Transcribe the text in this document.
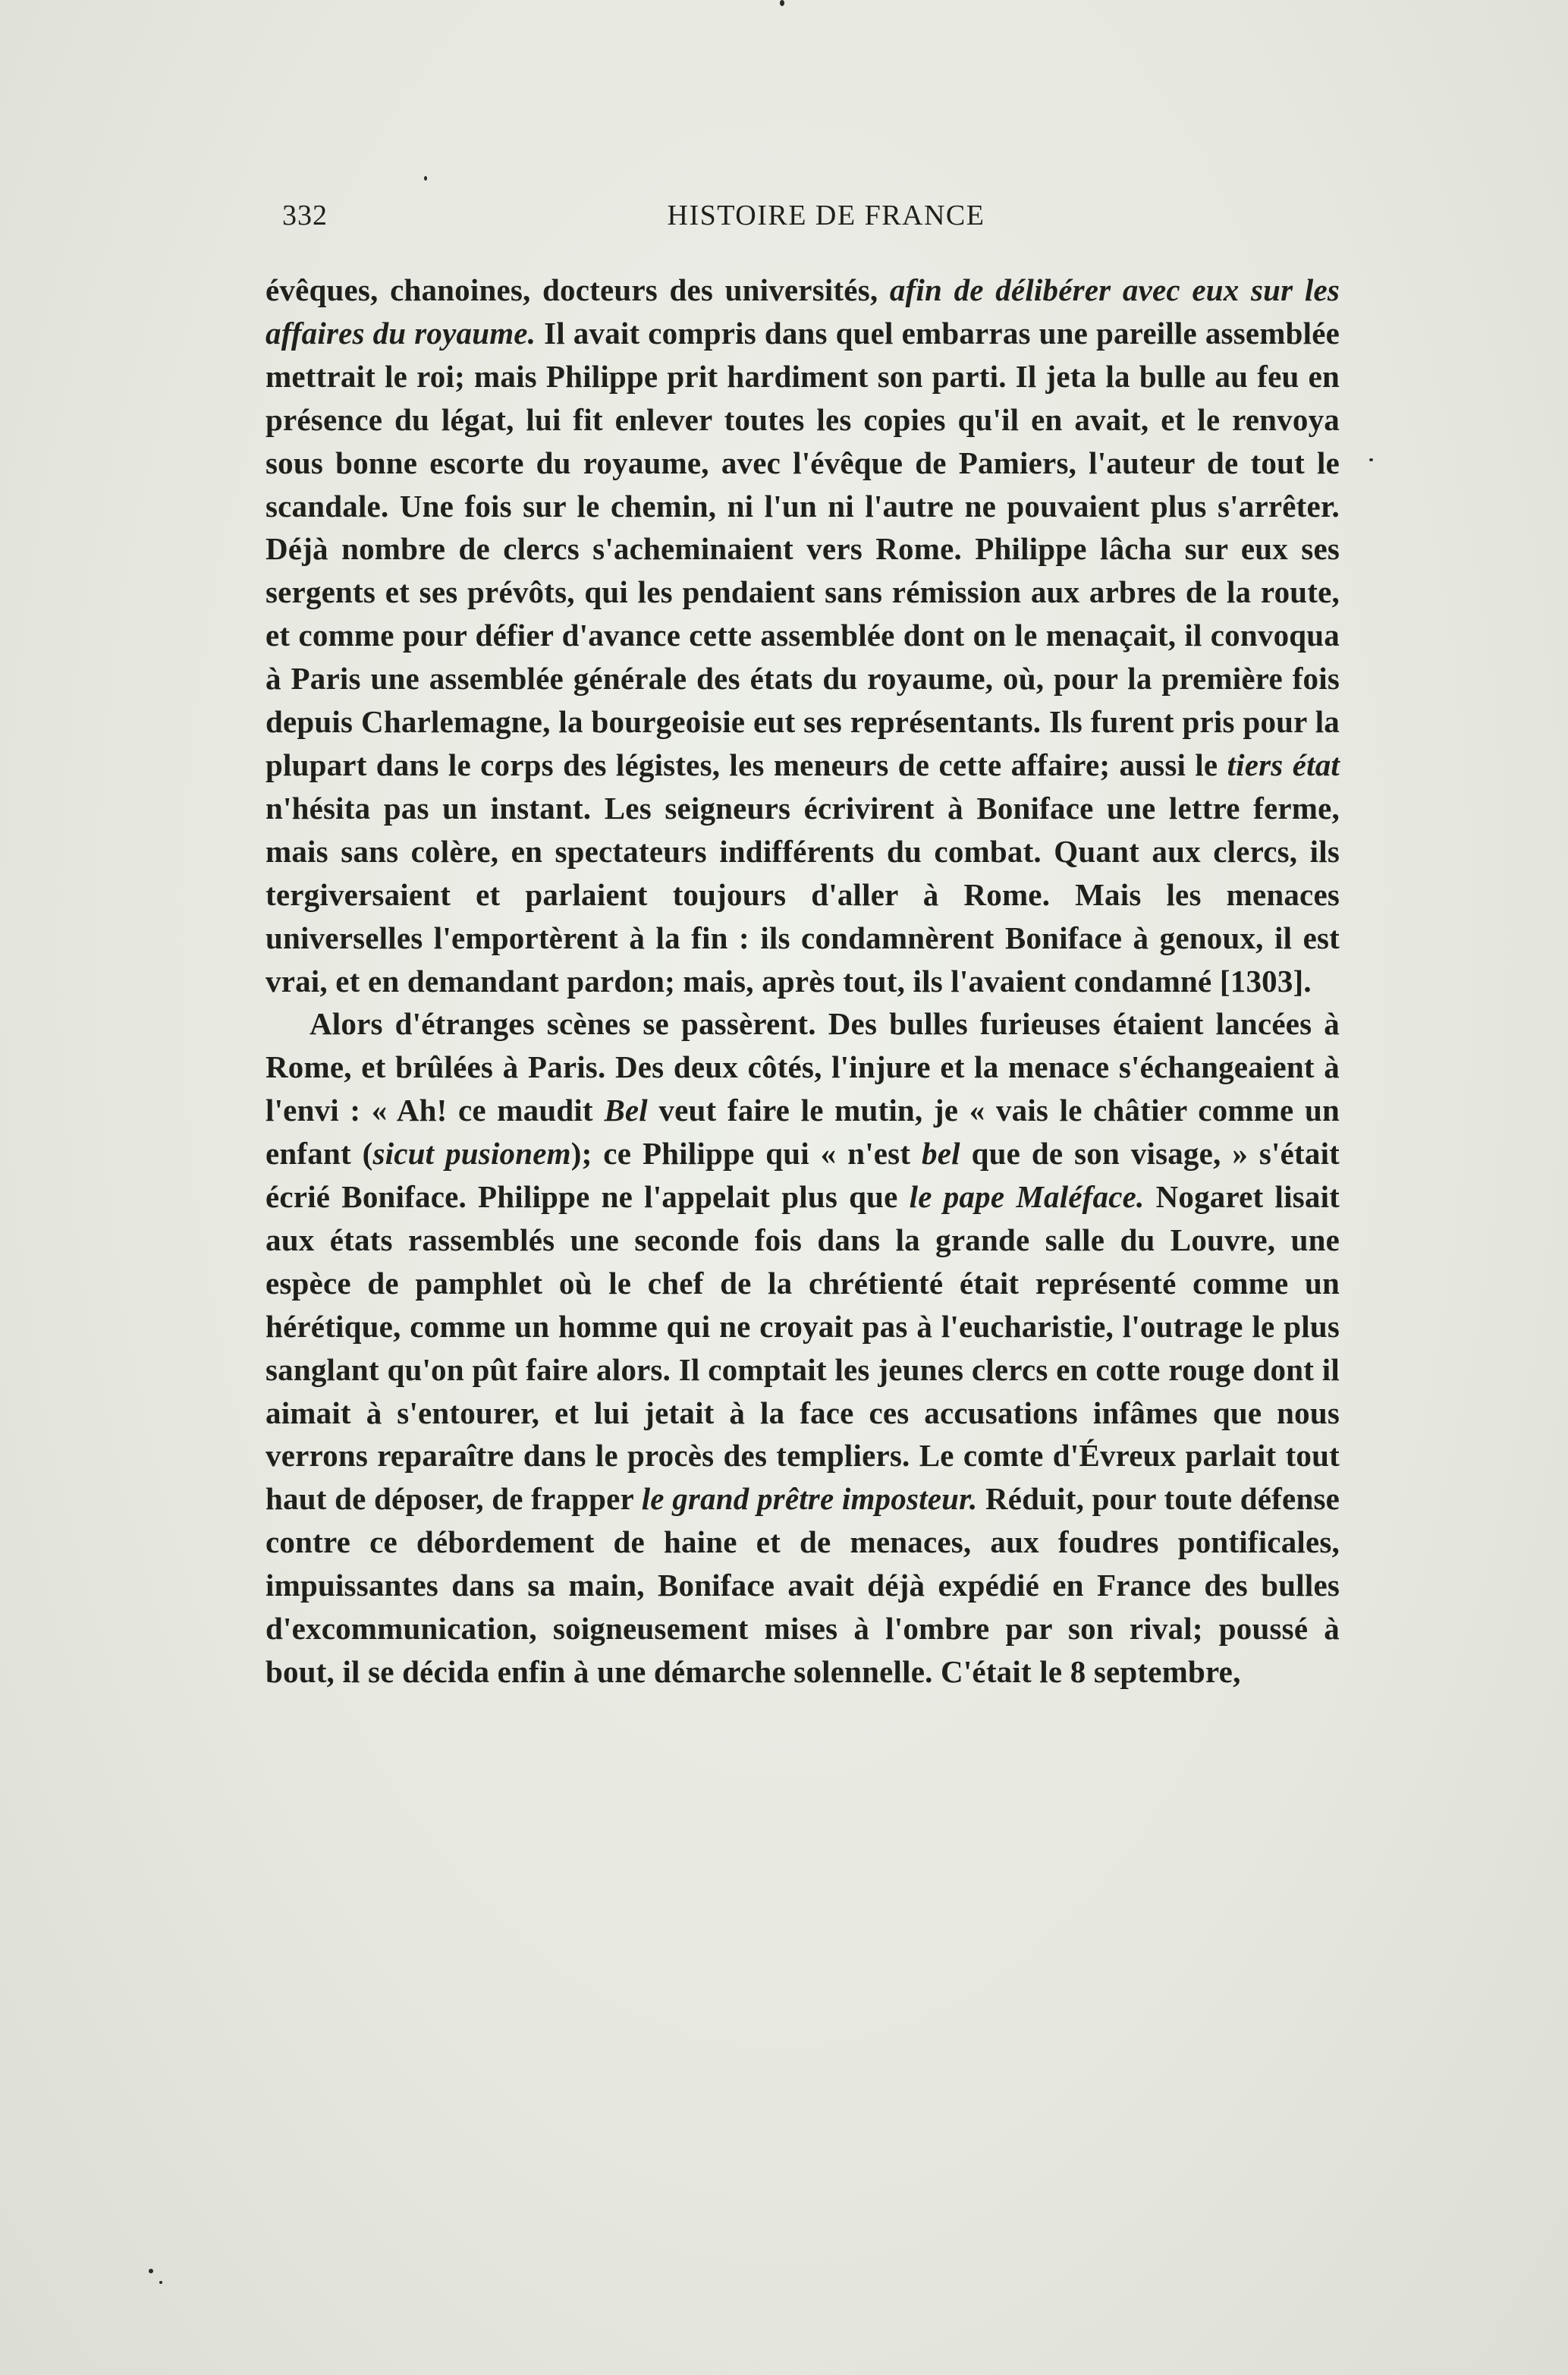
332	HISTOIRE DE FRANCE

évêques, chanoines, docteurs des universités, afin de délibérer avec eux sur les affaires du royaume. Il avait compris dans quel embarras une pareille assemblée mettrait le roi; mais Philippe prit hardiment son parti. Il jeta la bulle au feu en présence du légat, lui fit enlever toutes les copies qu'il en avait, et le renvoya sous bonne escorte du royaume, avec l'évêque de Pamiers, l'auteur de tout le scandale. Une fois sur le chemin, ni l'un ni l'autre ne pouvaient plus s'arrêter. Déjà nombre de clercs s'acheminaient vers Rome. Philippe lâcha sur eux ses sergents et ses prévôts, qui les pendaient sans rémission aux arbres de la route, et comme pour défier d'avance cette assemblée dont on le menaçait, il convoqua à Paris une assemblée générale des états du royaume, où, pour la première fois depuis Charlemagne, la bourgeoisie eut ses représentants. Ils furent pris pour la plupart dans le corps des légistes, les meneurs de cette affaire; aussi le tiers état n'hésita pas un instant. Les seigneurs écrivirent à Boniface une lettre ferme, mais sans colère, en spectateurs indifférents du combat. Quant aux clercs, ils tergiversaient et parlaient toujours d'aller à Rome. Mais les menaces universelles l'emportèrent à la fin : ils condamnèrent Boniface à genoux, il est vrai, et en demandant pardon; mais, après tout, ils l'avaient condamné [1303].

Alors d'étranges scènes se passèrent. Des bulles furieuses étaient lancées à Rome, et brûlées à Paris. Des deux côtés, l'injure et la menace s'échangeaient à l'envi : « Ah! ce maudit Bel veut faire le mutin, je « vais le châtier comme un enfant (sicut pusionem); ce Philippe qui « n'est bel que de son visage, » s'était écrié Boniface. Philippe ne l'appelait plus que le pape Maléface. Nogaret lisait aux états rassemblés une seconde fois dans la grande salle du Louvre, une espèce de pamphlet où le chef de la chrétienté était représenté comme un hérétique, comme un homme qui ne croyait pas à l'eucharistie, l'outrage le plus sanglant qu'on pût faire alors. Il comptait les jeunes clercs en cotte rouge dont il aimait à s'entourer, et lui jetait à la face ces accusations infâmes que nous verrons reparaître dans le procès des templiers. Le comte d'Évreux parlait tout haut de déposer, de frapper le grand prêtre imposteur. Réduit, pour toute défense contre ce débordement de haine et de menaces, aux foudres pontificales, impuissantes dans sa main, Boniface avait déjà expédié en France des bulles d'excommunication, soigneusement mises à l'ombre par son rival; poussé à bout, il se décida enfin à une démarche solennelle. C'était le 8 septembre,
